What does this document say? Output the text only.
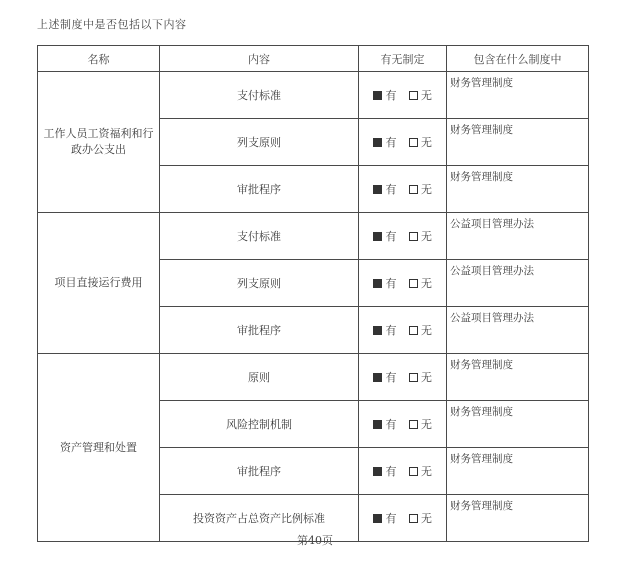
上述制度中是否包括以下内容
名称	内容	有无制定	包含在什么制度中
工作人员工资福利和行政办公支出	支付标准	有 无	财务管理制度
	列支原则	有 无	财务管理制度
	审批程序	有 无	财务管理制度
项目直接运行费用	支付标准	有 无	公益项目管理办法
	列支原则	有 无	公益项目管理办法
	审批程序	有 无	公益项目管理办法
资产管理和处置	原则	有 无	财务管理制度
	风险控制机制	有 无	财务管理制度
	审批程序	有 无	财务管理制度
	投资资产占总资产比例标准	有 无	财务管理制度
第40页
